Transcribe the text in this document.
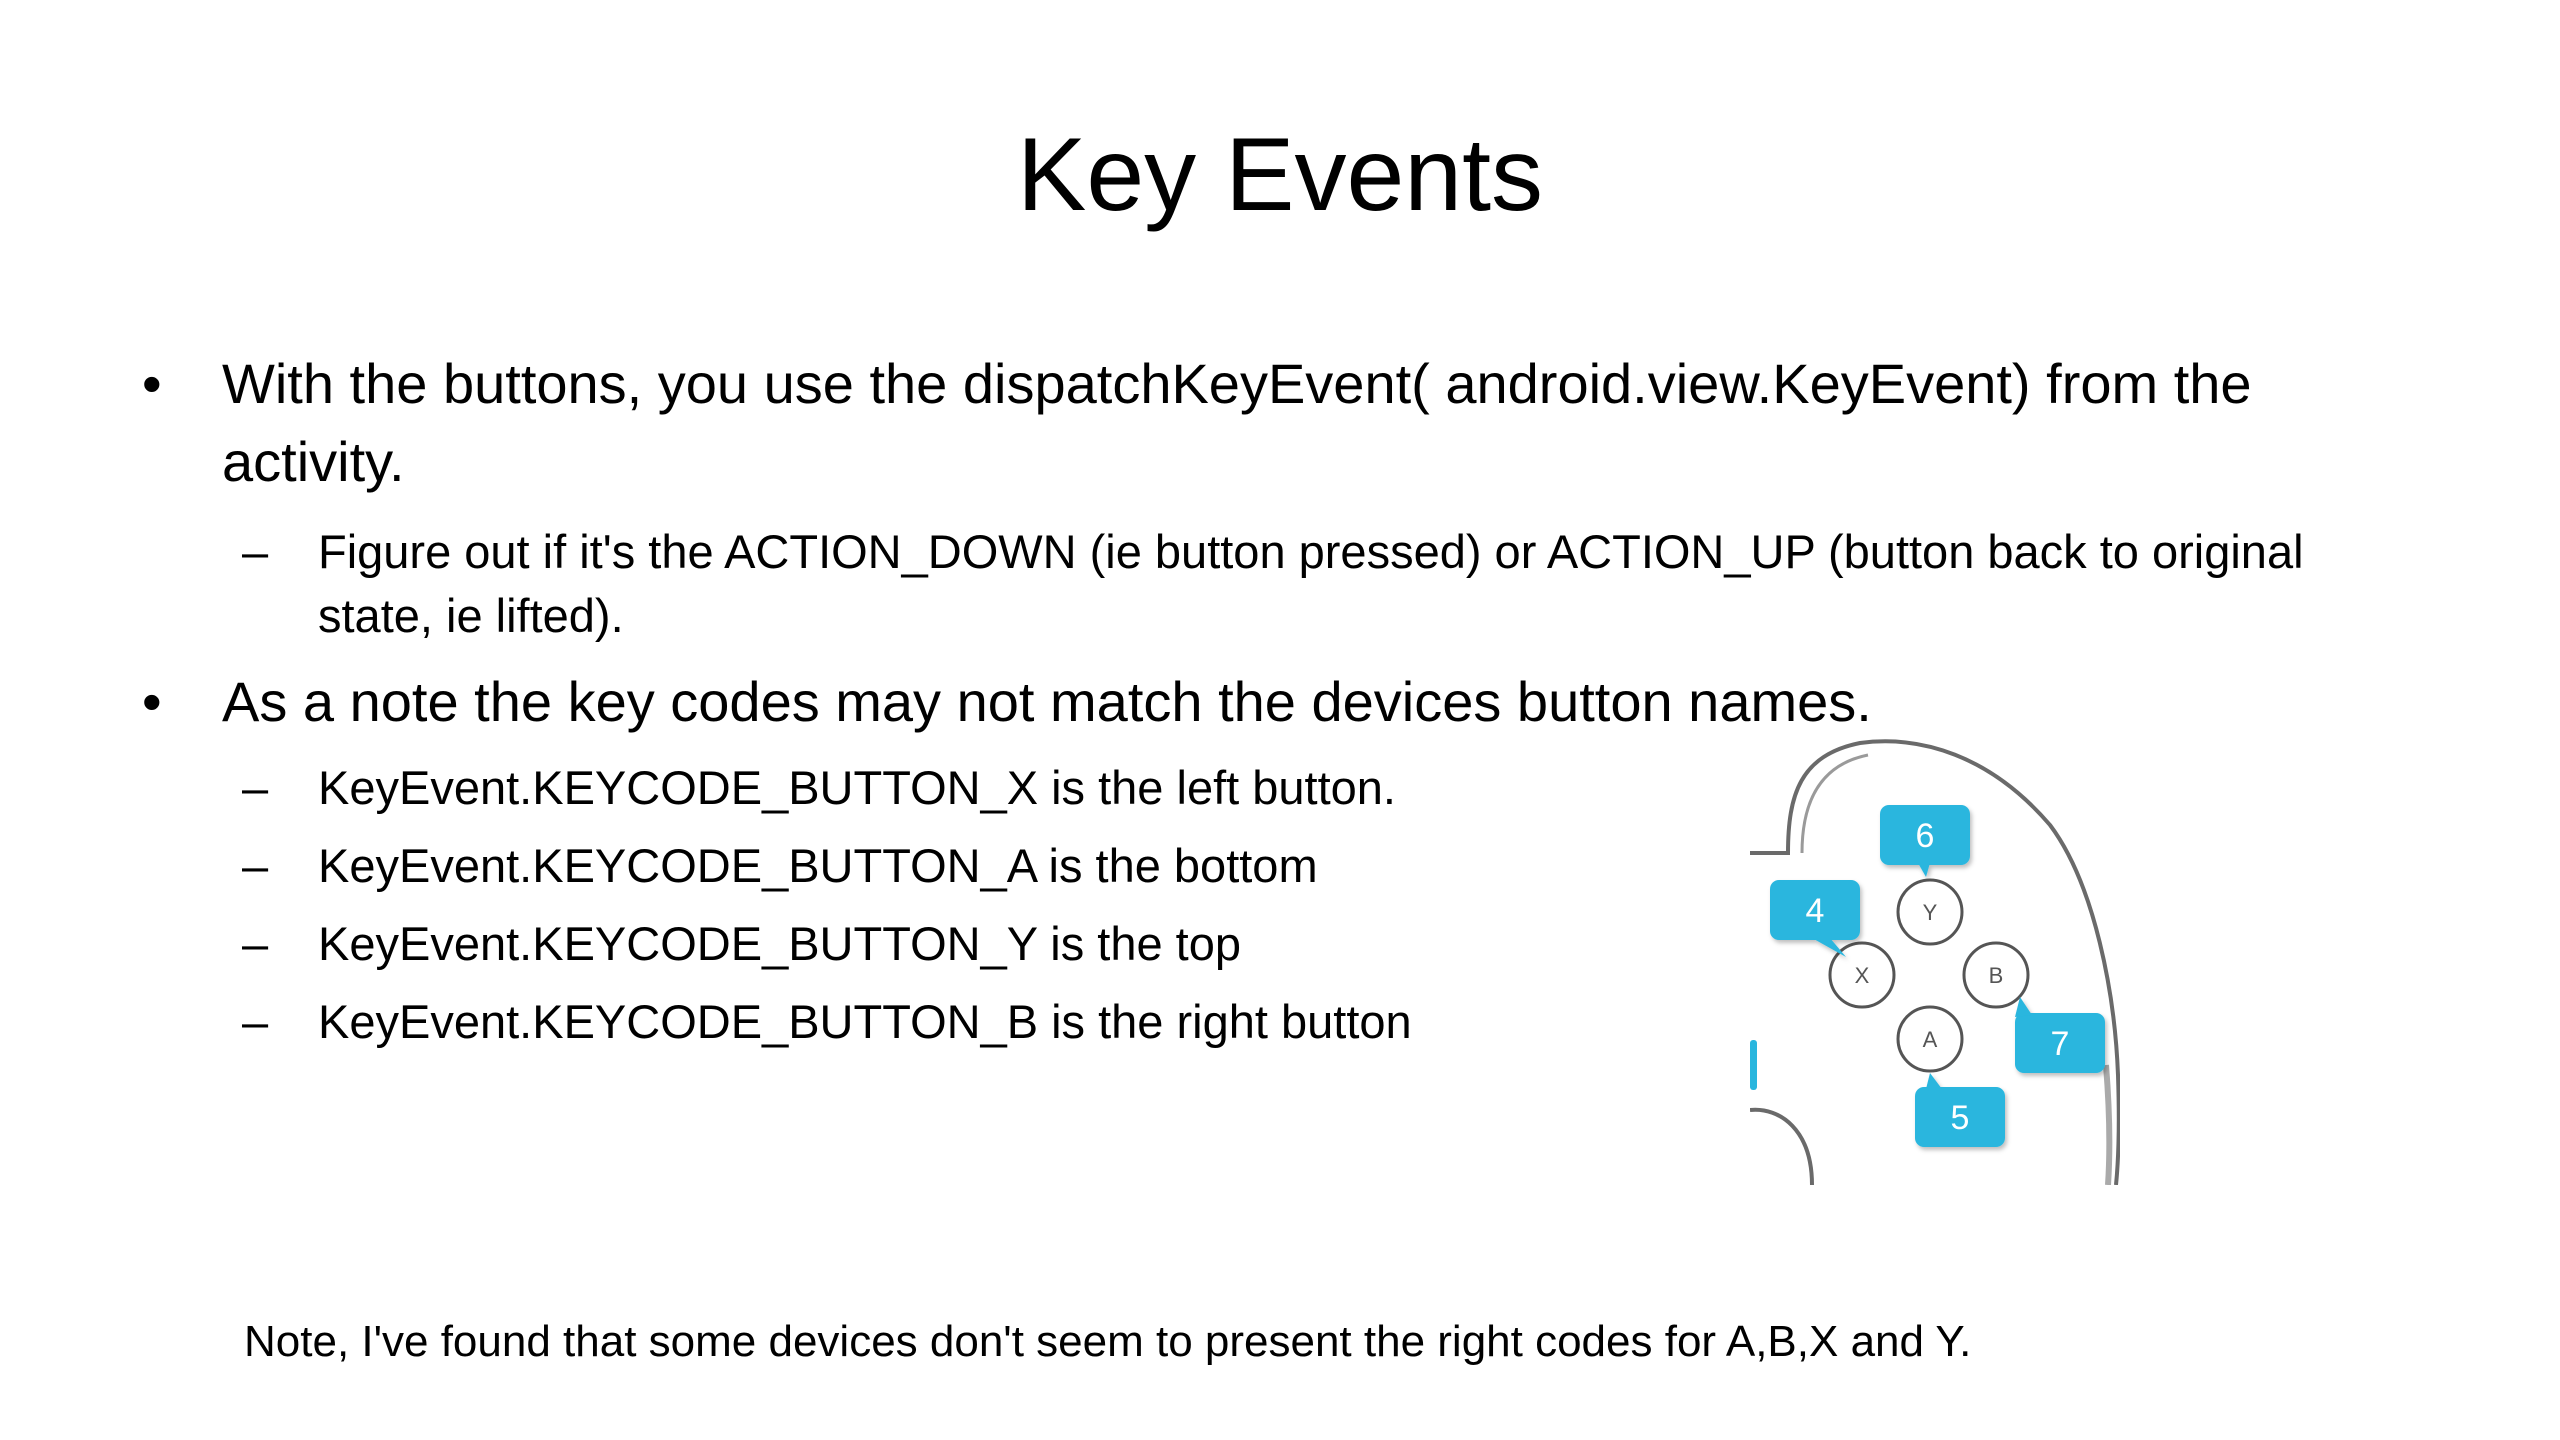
Key Events
• With the buttons, you use the dispatchKeyEvent( android.view.KeyEvent) from the
activity.
– Figure out if it's the ACTION_DOWN (ie button pressed) or ACTION_UP (button back to original
state, ie lifted).
• As a note the key codes may not match the devices button names.
– KeyEvent.KEYCODE_BUTTON_X is the left button.
– KeyEvent.KEYCODE_BUTTON_A is the bottom
– KeyEvent.KEYCODE_BUTTON_Y is the top
– KeyEvent.KEYCODE_BUTTON_B is the right button
Y
X	B
A
6
4
7
5
Note, I've found that some devices don't seem to present the right codes for A,B,X and Y.
